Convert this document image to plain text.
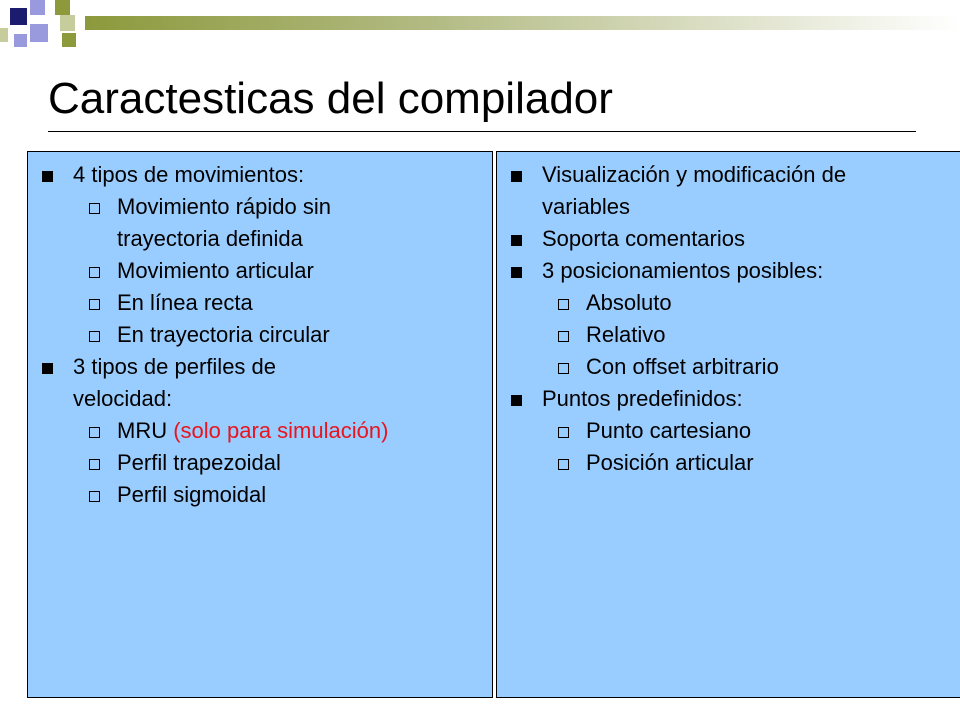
Caractesticas del compilador
4 tipos de movimientos:
Movimiento rápido sin
trayectoria definida
Movimiento articular
En línea recta
En trayectoria circular
3 tipos de perfiles de
velocidad:
MRU (solo para simulación)
Perfil trapezoidal
Perfil sigmoidal
Visualización y modificación de
variables
Soporta comentarios
3 posicionamientos posibles:
Absoluto
Relativo
Con offset arbitrario
Puntos predefinidos:
Punto cartesiano
Posición articular
